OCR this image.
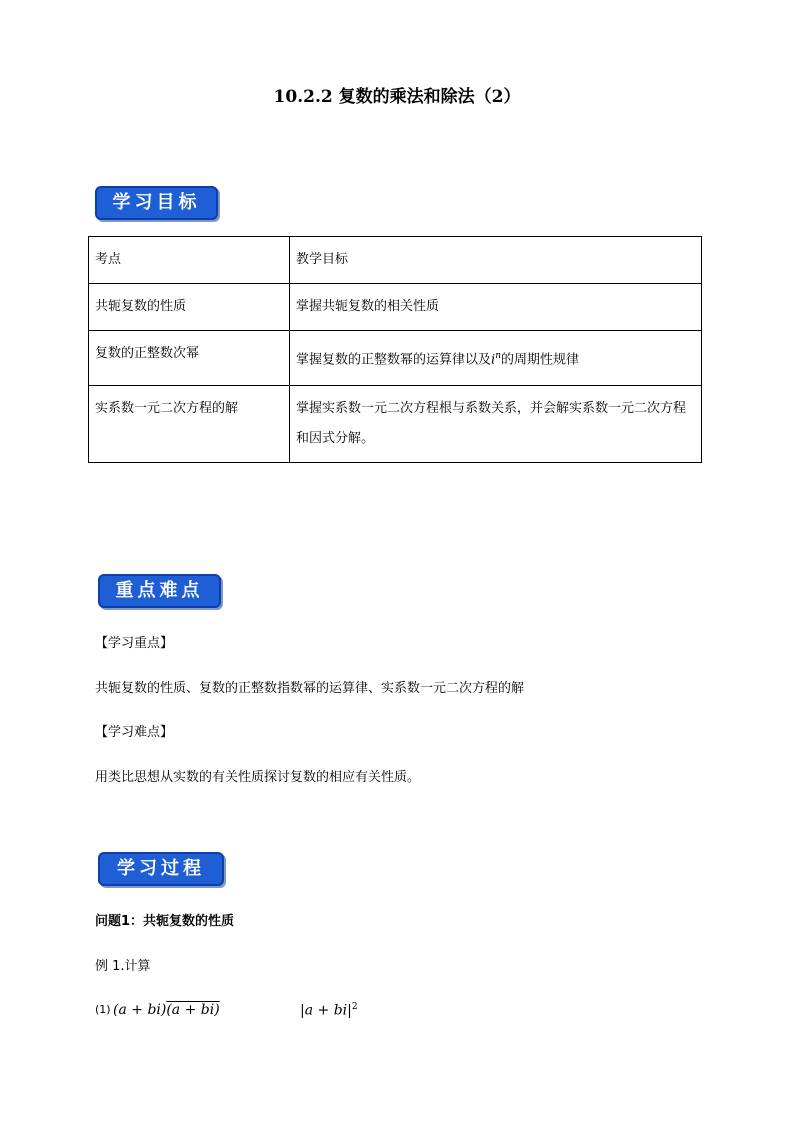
10.2.2 复数的乘法和除法（2）
学习目标
考点	教学目标
共轭复数的性质	掌握共轭复数的相关性质
复数的正整数次幂	掌握复数的正整数幂的运算律以及$i^n$的周期性规律
实系数一元二次方程的解	掌握实系数一元二次方程根与系数关系，并会解实系数一元二次方程和因式分解。
重点难点
【学习重点】
共轭复数的性质、复数的正整数指数幂的运算律、实系数一元二次方程的解
【学习难点】
用类比思想从实数的有关性质探讨复数的相应有关性质。
学习过程
问题1：共轭复数的性质
例 1.计算
(1) (a + bi)(a + bi)	$|a + bi|^2$
